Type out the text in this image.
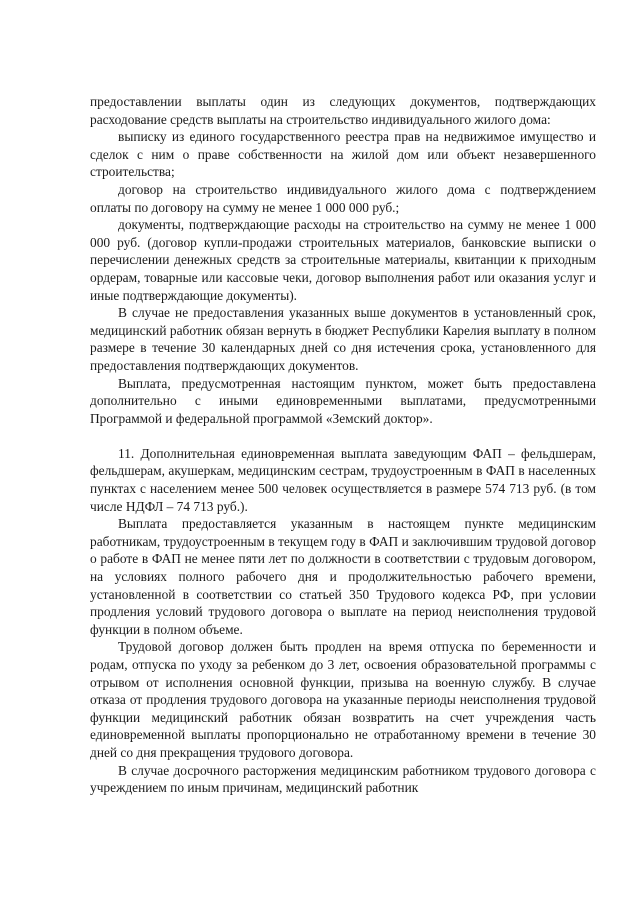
предоставлении выплаты один из следующих документов, подтверждающих расходование средств выплаты на строительство индивидуального жилого дома:

выписку из единого государственного реестра прав на недвижимое имущество и сделок с ним о праве собственности на жилой дом или объект незавершенного строительства;

договор на строительство индивидуального жилого дома с подтверждением оплаты по договору на сумму не менее 1 000 000 руб.;

документы, подтверждающие расходы на строительство на сумму не менее 1 000 000 руб. (договор купли-продажи строительных материалов, банковские выписки о перечислении денежных средств за строительные материалы, квитанции к приходным ордерам, товарные или кассовые чеки, договор выполнения работ или оказания услуг и иные подтверждающие документы).

В случае не предоставления указанных выше документов в установленный срок, медицинский работник обязан вернуть в бюджет Республики Карелия выплату в полном размере в течение 30 календарных дней со дня истечения срока, установленного для предоставления подтверждающих документов.

Выплата, предусмотренная настоящим пунктом, может быть предоставлена дополнительно с иными единовременными выплатами, предусмотренными Программой и федеральной программой «Земский доктор».

11. Дополнительная единовременная выплата заведующим ФАП – фельдшерам, фельдшерам, акушеркам, медицинским сестрам, трудоустроенным в ФАП в населенных пунктах с населением менее 500 человек осуществляется в размере 574 713 руб. (в том числе НДФЛ – 74 713 руб.).

Выплата предоставляется указанным в настоящем пункте медицинским работникам, трудоустроенным в текущем году в ФАП и заключившим трудовой договор о работе в ФАП не менее пяти лет по должности в соответствии с трудовым договором, на условиях полного рабочего дня и продолжительностью рабочего времени, установленной в соответствии со статьей 350 Трудового кодекса РФ, при условии продления условий трудового договора о выплате на период неисполнения трудовой функции в полном объеме.

Трудовой договор должен быть продлен на время отпуска по беременности и родам, отпуска по уходу за ребенком до 3 лет, освоения образовательной программы с отрывом от исполнения основной функции, призыва на военную службу. В случае отказа от продления трудового договора на указанные периоды неисполнения трудовой функции медицинский работник обязан возвратить на счет учреждения часть единовременной выплаты пропорционально не отработанному времени в течение 30 дней со дня прекращения трудового договора.

В случае досрочного расторжения медицинским работником трудового договора с учреждением по иным причинам, медицинский работник
